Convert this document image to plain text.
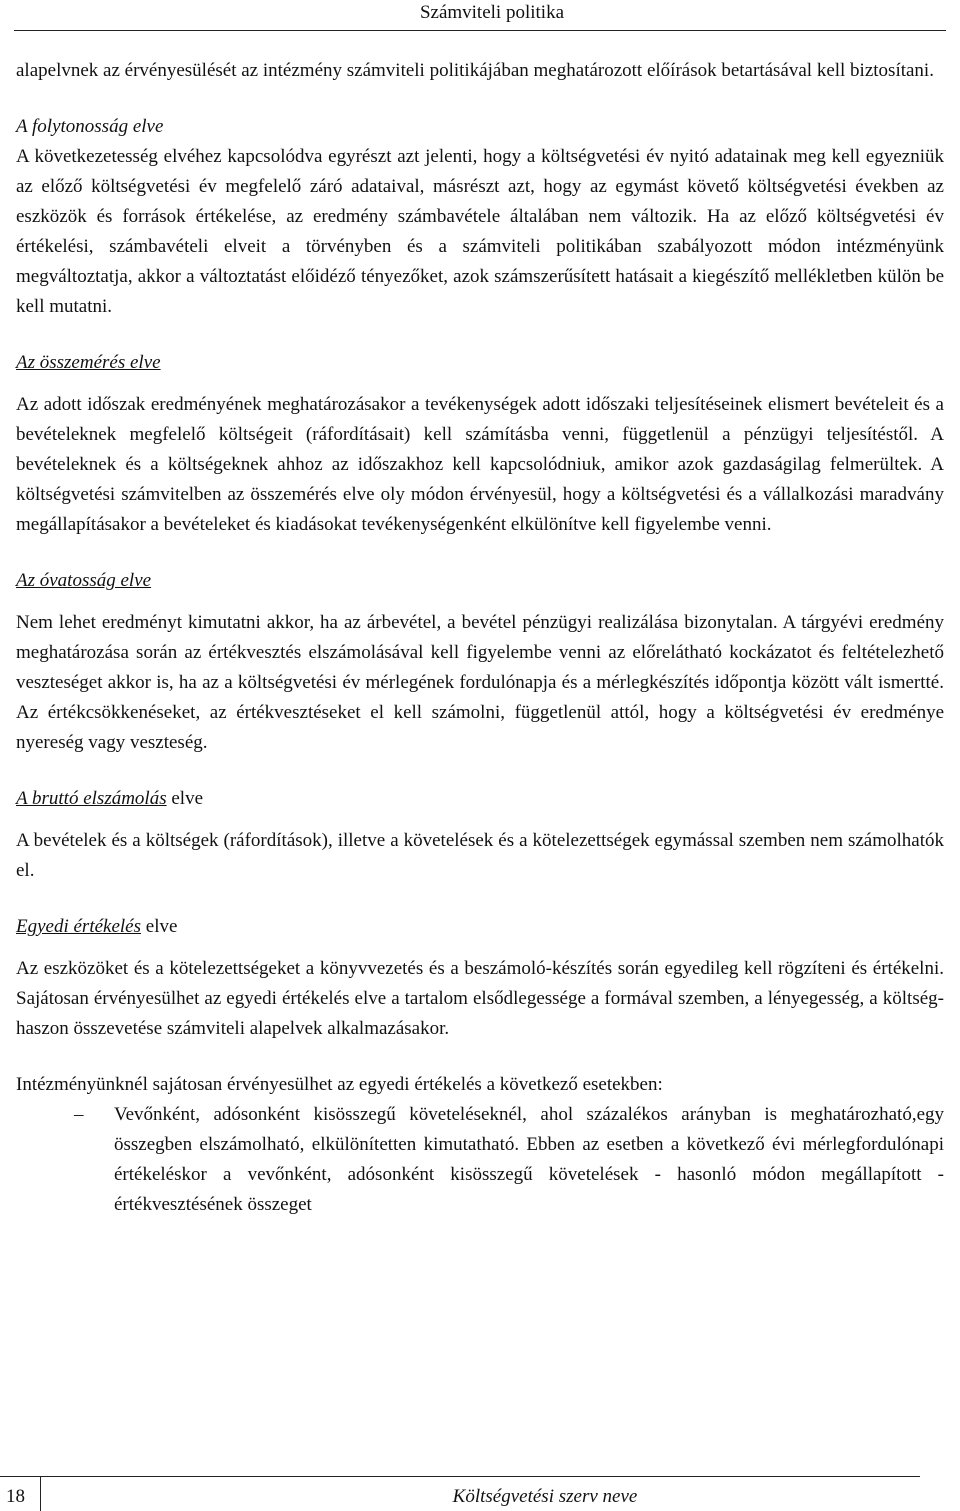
Számviteli politika

alapelvnek az érvényesülését az intézmény számviteli politikájában meghatározott előírások betartásával kell biztosítani.

A folytonosság elve

A következetesség elvéhez kapcsolódva egyrészt azt jelenti, hogy a költségvetési év nyitó adatainak meg kell egyezniük az előző költségvetési év megfelelő záró adataival, másrészt azt, hogy az egymást követő költségvetési években az eszközök és források értékelése, az eredmény számbavétele általában nem változik. Ha az előző költségvetési év értékelési, számbavételi elveit a törvényben és a számviteli politikában szabályozott módon intézményünk megváltoztatja, akkor a változtatást előidéző tényezőket, azok számszerűsített hatásait a kiegészítő mellékletben külön be kell mutatni.

Az összemérés elve

Az adott időszak eredményének meghatározásakor a tevékenységek adott időszaki teljesítéseinek elismert bevételeit és a bevételeknek megfelelő költségeit (ráfordításait) kell számításba venni, függetlenül a pénzügyi teljesítéstől. A bevételeknek és a költségeknek ahhoz az időszakhoz kell kapcsolódniuk, amikor azok gazdaságilag felmerültek. A költségvetési számvitelben az összemérés elve oly módon érvényesül, hogy a költségvetési és a vállalkozási maradvány megállapításakor a bevételeket és kiadásokat tevékenységenként elkülönítve kell figyelembe venni.

Az óvatosság elve

Nem lehet eredményt kimutatni akkor, ha az árbevétel, a bevétel pénzügyi realizálása bizonytalan. A tárgyévi eredmény meghatározása során az értékvesztés elszámolásával kell figyelembe venni az előrelátható kockázatot és feltételezhető veszteséget akkor is, ha az a költségvetési év mérlegének fordulónapja és a mérlegkészítés időpontja között vált ismertté. Az értékcsökkenéseket, az értékvesztéseket el kell számolni, függetlenül attól, hogy a költségvetési év eredménye nyereség vagy veszteség.

A bruttó elszámolás elve

A bevételek és a költségek (ráfordítások), illetve a követelések és a kötelezettségek egymással szemben nem számolhatók el.

Egyedi értékelés elve

Az eszközöket és a kötelezettségeket a könyvvezetés és a beszámoló-készítés során egyedileg kell rögzíteni és értékelni. Sajátosan érvényesülhet az egyedi értékelés elve a tartalom elsődlegessége a formával szemben, a lényegesség, a költség-haszon összevetése számviteli alapelvek alkalmazásakor.

Intézményünknél sajátosan érvényesülhet az egyedi értékelés a következő esetekben:

– Vevőnként, adósonként kisösszegű követeléseknél, ahol százalékos arányban is meghatározható,egy összegben elszámolható, elkülönítetten kimutatható. Ebben az esetben a következő évi mérlegfordulónapi értékeléskor a vevőnként, adósonként kisösszegű követelések - hasonló módon megállapított - értékvesztésének összeget
18	Költségvetési szerv neve
